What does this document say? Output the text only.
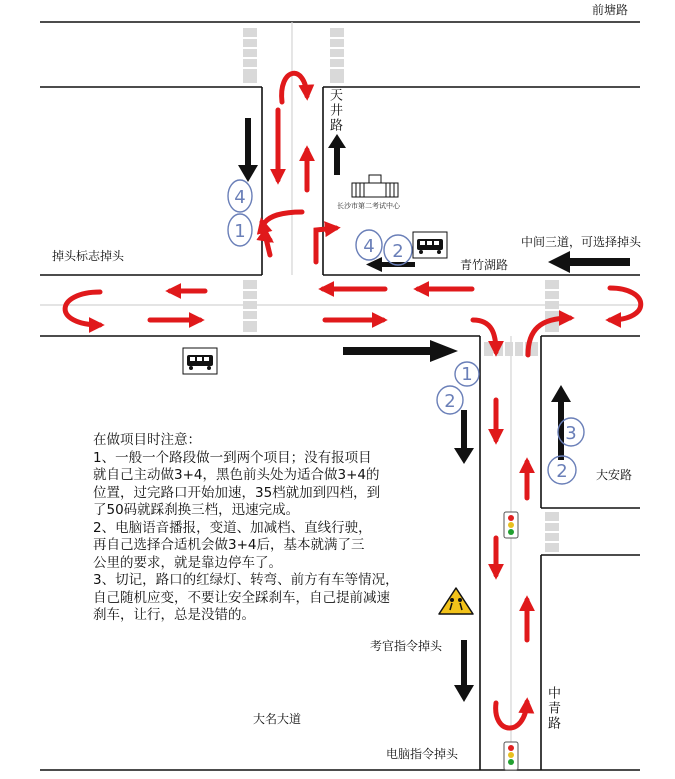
4
1
4 2
1
2
3
2
前塘路
天井路
青竹湖路
大安路
中青路
大名大道
掉头标志掉头
中间三道，可选择掉头
考官指令掉头
电脑指令掉头
长沙市第二考试中心
在做项目时注意：
1、一般一个路段做一到两个项目；没有报项目
就自己主动做3+4，黑色前头处为适合做3+4的
位置，过完路口开始加速，35档就加到四档，到
了50码就踩刹换三档，迅速完成。
2、电脑语音播报，变道、加减档、直线行驶，
再自己选择合适机会做3+4后，基本就满了三
公里的要求，就是靠边停车了。
3、切记，路口的红绿灯、转弯、前方有车等情况，
自己随机应变，不要让安全踩刹车，自己提前减速
刹车，让行，总是没错的。
